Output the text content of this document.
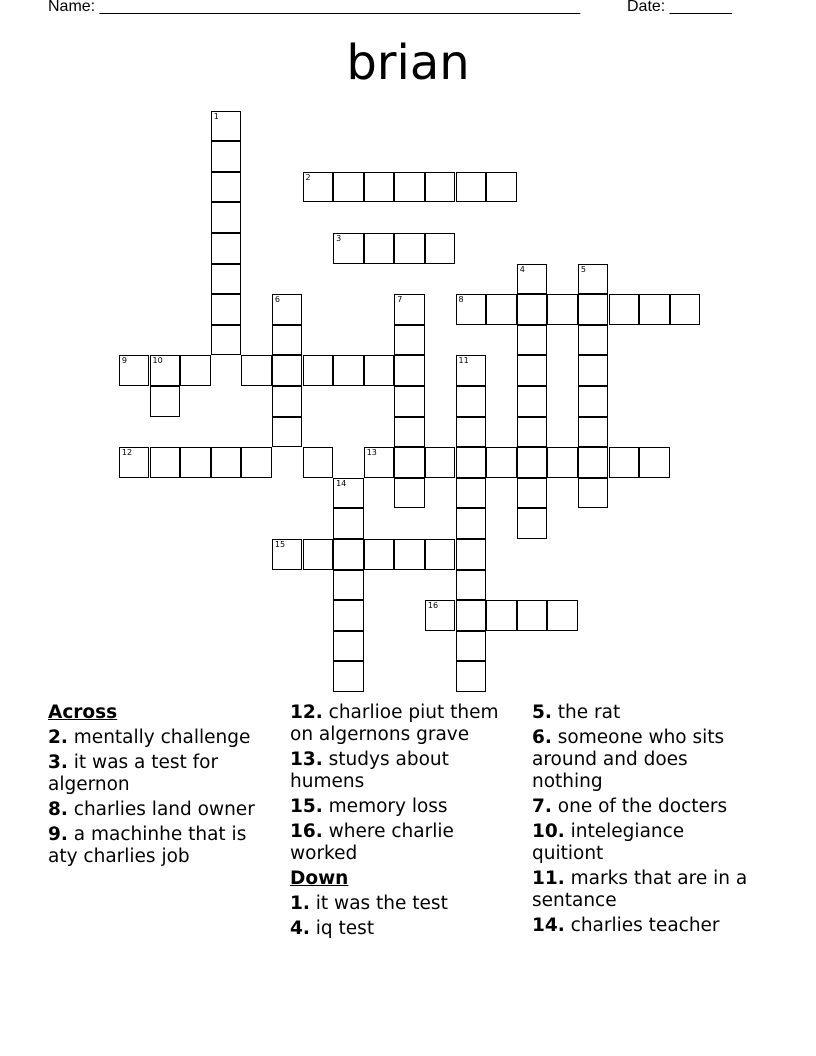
Name: ______________________________________________________	Date: _______
brian
1
2
3
4	5
6	7	8
9	10	11
12	13
14
15
16
Across
2. mentally challenge
3. it was a test for algernon
8. charlies land owner
9. a machinhe that is aty charlies job
12. charlioe piut them on algernons grave
13. studys about humens
15. memory loss
16. where charlie worked
Down
1. it was the test
4. iq test
5. the rat
6. someone who sits around and does nothing
7. one of the docters
10. intelegiance quitiont
11. marks that are in a sentance
14. charlies teacher
